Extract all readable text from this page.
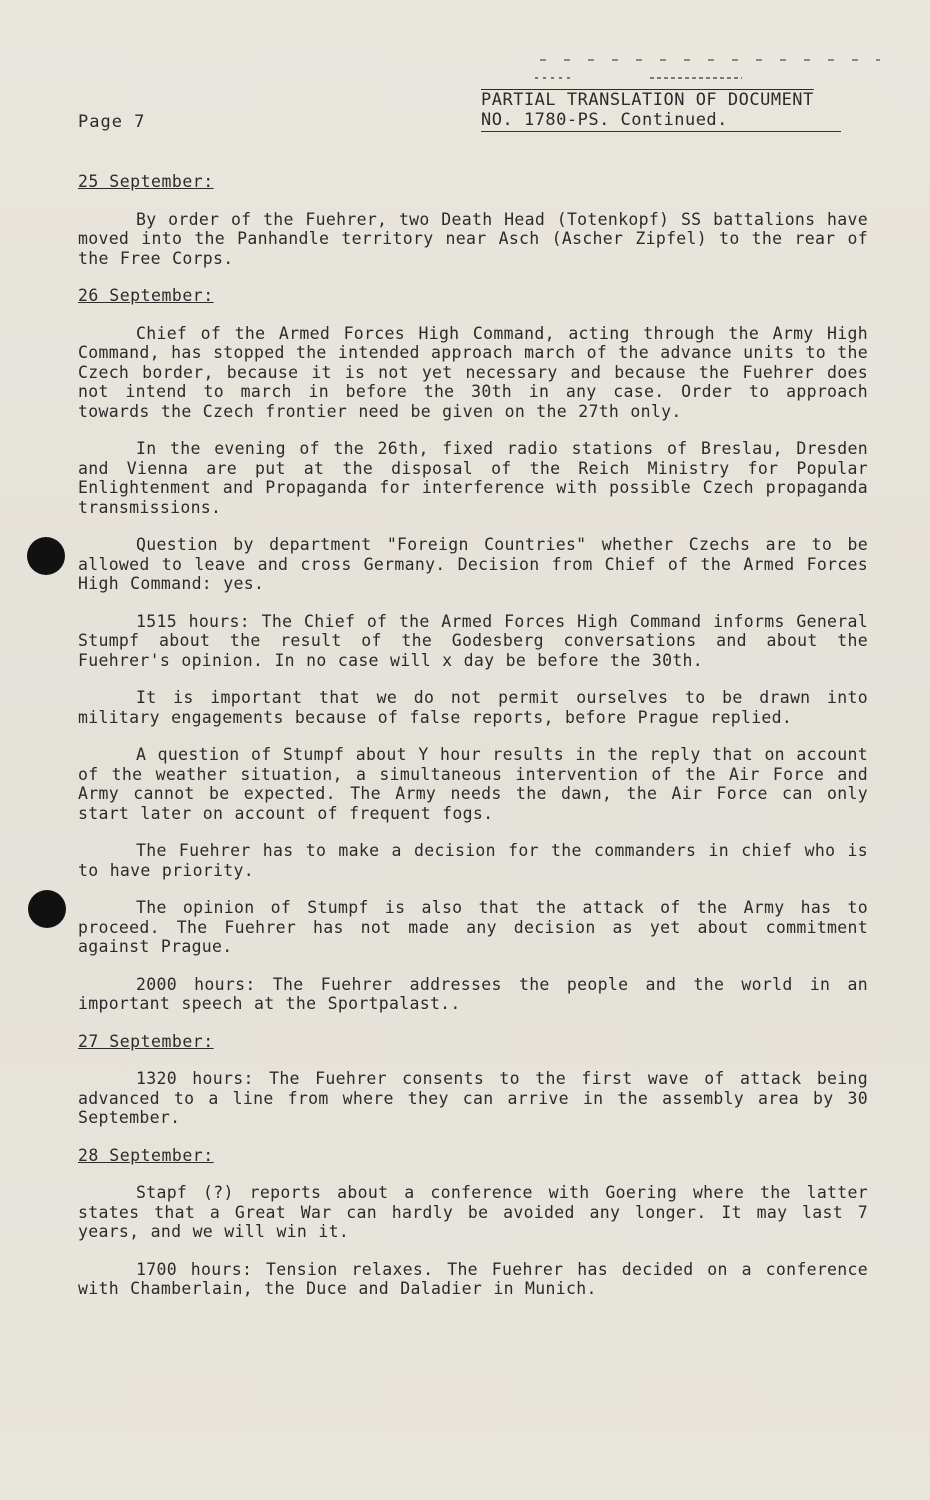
Page 7
PARTIAL TRANSLATION OF DOCUMENT
NO. 1780-PS. Continued.
25 September:

By order of the Fuehrer, two Death Head (Totenkopf) SS battalions have moved into the Panhandle territory near Asch (Ascher Zipfel) to the rear of the Free Corps.

26 September:

Chief of the Armed Forces High Command, acting through the Army High Command, has stopped the intended approach march of the advance units to the Czech border, because it is not yet necessary and because the Fuehrer does not intend to march in before the 30th in any case. Order to approach towards the Czech frontier need be given on the 27th only.

In the evening of the 26th, fixed radio stations of Breslau, Dresden and Vienna are put at the disposal of the Reich Ministry for Popular Enlightenment and Propaganda for interference with possible Czech propaganda transmissions.

Question by department "Foreign Countries" whether Czechs are to be allowed to leave and cross Germany. Decision from Chief of the Armed Forces High Command: yes.

1515 hours: The Chief of the Armed Forces High Command informs General Stumpf about the result of the Godesberg conversations and about the Fuehrer's opinion. In no case will x day be before the 30th.

It is important that we do not permit ourselves to be drawn into military engagements because of false reports, before Prague replied.

A question of Stumpf about Y hour results in the reply that on account of the weather situation, a simultaneous intervention of the Air Force and Army cannot be expected. The Army needs the dawn, the Air Force can only start later on account of frequent fogs.

The Fuehrer has to make a decision for the commanders in chief who is to have priority.

The opinion of Stumpf is also that the attack of the Army has to proceed. The Fuehrer has not made any decision as yet about commitment against Prague.

2000 hours: The Fuehrer addresses the people and the world in an important speech at the Sportpalast..

27 September:

1320 hours: The Fuehrer consents to the first wave of attack being advanced to a line from where they can arrive in the assembly area by 30 September.

28 September:

Stapf (?) reports about a conference with Goering where the latter states that a Great War can hardly be avoided any longer. It may last 7 years, and we will win it.

1700 hours: Tension relaxes. The Fuehrer has decided on a conference with Chamberlain, the Duce and Daladier in Munich.
